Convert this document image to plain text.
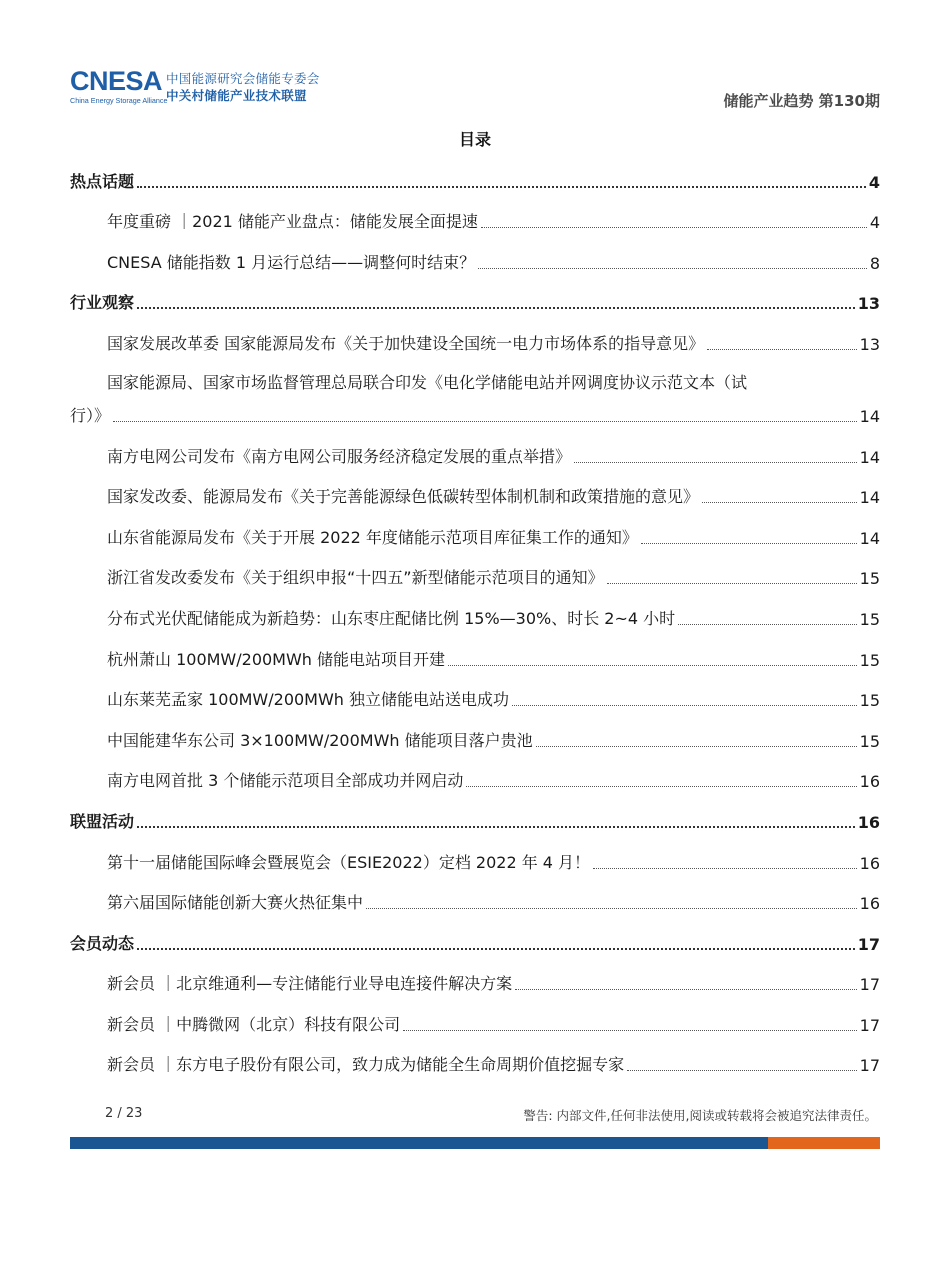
CNESA
China Energy Storage Alliance
中国能源研究会储能专委会
中关村储能产业技术联盟	储能产业趋势 第130期
目录
热点话题	4
年度重磅 ｜2021 储能产业盘点：储能发展全面提速	4
CNESA 储能指数 1 月运行总结——调整何时结束？	8
行业观察	13
国家发展改革委 国家能源局发布《关于加快建设全国统一电力市场体系的指导意见》	13
国家能源局、国家市场监督管理总局联合印发《电化学储能电站并网调度协议示范文本（试
行）》	14
南方电网公司发布《南方电网公司服务经济稳定发展的重点举措》	14
国家发改委、能源局发布《关于完善能源绿色低碳转型体制机制和政策措施的意见》	14
山东省能源局发布《关于开展 2022 年度储能示范项目库征集工作的通知》	14
浙江省发改委发布《关于组织申报“十四五”新型储能示范项目的通知》	15
分布式光伏配储能成为新趋势：山东枣庄配储比例 15%—30%、时长 2~4 小时	15
杭州萧山 100MW/200MWh 储能电站项目开建	15
山东莱芜孟家 100MW/200MWh 独立储能电站送电成功	15
中国能建华东公司 3×100MW/200MWh 储能项目落户贵池	15
南方电网首批 3 个储能示范项目全部成功并网启动	16
联盟活动	16
第十一届储能国际峰会暨展览会（ESIE2022）定档 2022 年 4 月！	16
第六届国际储能创新大赛火热征集中	16
会员动态	17
新会员 ｜北京维通利—专注储能行业导电连接件解决方案	17
新会员 ｜中腾微网（北京）科技有限公司	17
新会员 ｜东方电子股份有限公司，致力成为储能全生命周期价值挖掘专家	17
2 / 23	警告: 内部文件,任何非法使用,阅读或转载将会被追究法律责任。
